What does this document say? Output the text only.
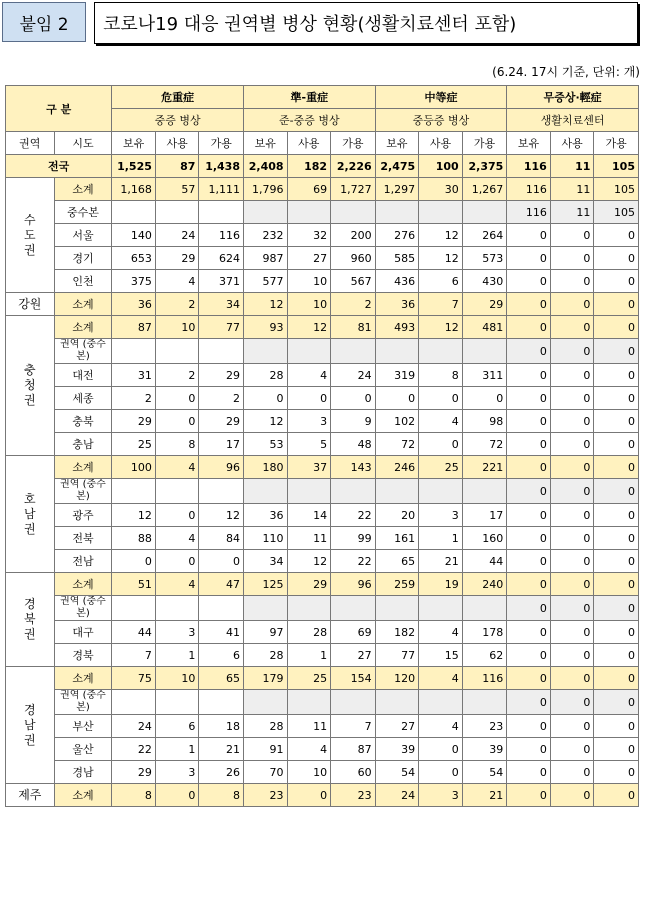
붙임 2	코로나19 대응 권역별 병상 현황(생활치료센터 포함)
(6.24. 17시 기준, 단위: 개)
구 분		危重症			準-重症			中等症			무증상·輕症		
		중증 병상			준-중증 병상			중등증 병상			생활치료센터		
권역	시도	보유	사용	가용	보유	사용	가용	보유	사용	가용	보유	사용	가용
전국		1,525	87	1,438	2,408	182	2,226	2,475	100	2,375	116	11	105
수도권	소계	1,168	57	1,111	1,796	69	1,727	1,297	30	1,267	116	11	105
	중수본										116	11	105
	서울	140	24	116	232	32	200	276	12	264	0	0	0
	경기	653	29	624	987	27	960	585	12	573	0	0	0
	인천	375	4	371	577	10	567	436	6	430	0	0	0
강원	소계	36	2	34	12	10	2	36	7	29	0	0	0
충청권	소계	87	10	77	93	12	81	493	12	481	0	0	0
	권역 (중수본)										0	0	0
	대전	31	2	29	28	4	24	319	8	311	0	0	0
	세종	2	0	2	0	0	0	0	0	0	0	0	0
	충북	29	0	29	12	3	9	102	4	98	0	0	0
	충남	25	8	17	53	5	48	72	0	72	0	0	0
호남권	소계	100	4	96	180	37	143	246	25	221	0	0	0
	권역 (중수본)										0	0	0
	광주	12	0	12	36	14	22	20	3	17	0	0	0
	전북	88	4	84	110	11	99	161	1	160	0	0	0
	전남	0	0	0	34	12	22	65	21	44	0	0	0
경북권	소계	51	4	47	125	29	96	259	19	240	0	0	0
	권역 (중수본)										0	0	0
	대구	44	3	41	97	28	69	182	4	178	0	0	0
	경북	7	1	6	28	1	27	77	15	62	0	0	0
경남권	소계	75	10	65	179	25	154	120	4	116	0	0	0
	권역 (중수본)										0	0	0
	부산	24	6	18	28	11	7	27	4	23	0	0	0
	울산	22	1	21	91	4	87	39	0	39	0	0	0
	경남	29	3	26	70	10	60	54	0	54	0	0	0
제주	소계	8	0	8	23	0	23	24	3	21	0	0	0
